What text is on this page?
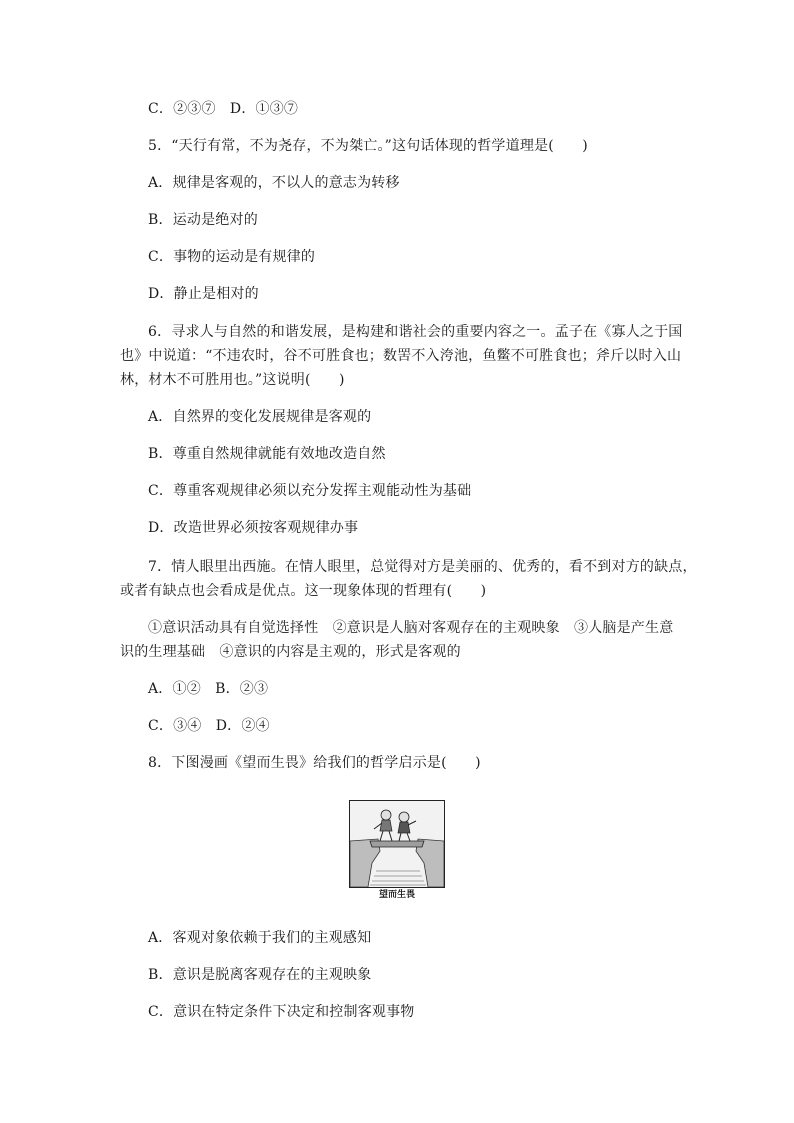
C．②③⑦　D．①③⑦
5．“天行有常，不为尧存，不为桀亡。”这句话体现的哲学道理是(　　)
A．规律是客观的，不以人的意志为转移
B．运动是绝对的
C．事物的运动是有规律的
D．静止是相对的
6．寻求人与自然的和谐发展，是构建和谐社会的重要内容之一。孟子在《寡人之于国
也》中说道：“不违农时，谷不可胜食也；数罟不入洿池，鱼鳖不可胜食也；斧斤以时入山
林，材木不可胜用也。”这说明(　　)
A．自然界的变化发展规律是客观的
B．尊重自然规律就能有效地改造自然
C．尊重客观规律必须以充分发挥主观能动性为基础
D．改造世界必须按客观规律办事
7．情人眼里出西施。在情人眼里，总觉得对方是美丽的、优秀的，看不到对方的缺点，
或者有缺点也会看成是优点。这一现象体现的哲理有(　　)
①意识活动具有自觉选择性　②意识是人脑对客观存在的主观映象　③人脑是产生意
识的生理基础　④意识的内容是主观的，形式是客观的
A．①②　B．②③
C．③④　D．②④
8．下图漫画《望而生畏》给我们的哲学启示是(　　)
望而生畏
A．客观对象依赖于我们的主观感知
B．意识是脱离客观存在的主观映象
C．意识在特定条件下决定和控制客观事物
